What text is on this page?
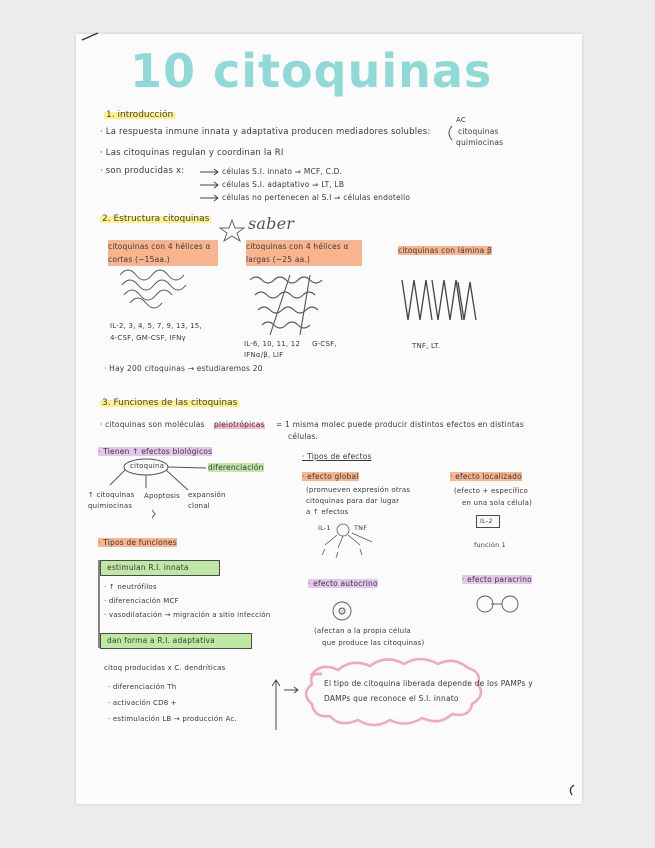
10 citoquinas
1. introducción
· La respuesta inmune innata y adaptativa producen mediadores solubles:
AC
citoquinas
quimiocinas
· Las citoquinas regulan y coordinan la RI
· son producidas x:	células S.I. innato ⇒ MCF, C.D.
células S.I. adaptativo ⇒ LT, LB
células no pertenecen al S.I ⇒ células endotelio
2. Estructura citoquinas saber
citoquinas con 4 hélices α cortas (~15aa.)
citoquinas con 4 hélices α largas (~25 aa.)
citoquinas con lámina β
IL-2, 3, 4, 5, 7, 9, 13, 15,
4-CSF, GM-CSF, IFNγ
IL-6, 10, 11, 12
IFNα/β, LIF
G-CSF,	TNF, LT.
· Hay 200 citoquinas → estudiaremos 20
3. Funciones de las citoquinas
· citoquinas son moléculas pleiotrópicas = 1 misma molec puede producir distintos efectos en distintas
células.
· Tienen ↑ efectos biológicos
citoquina	diferenciación
↑ citoquinas quimiocinas
Apoptosis expansión clonal
· Tipos de funciones
estimulan R.I. innata
· ↑ neutrófilos
· diferenciación MCF
· vasodilatación → migración a sitio infección
dan forma a R.I. adaptativa
citoq producidas x C. dendríticas
· diferenciación Th
· activación CD8 +
· estimulación LB → producción Ac.
El tipo de citoquina liberada depende de los PAMPs y DAMPs que reconoce el S.I. innato
· Tipos de efectos
· efecto global
(promueven expresión otras
citoquinas para dar lugar
a ↑ efectos
IL-1	TNF
· efecto localizado
(efecto + específico
en una sola célula)
IL-2
función 1
· efecto autocrino
(afectan a la propia célula
que produce las citoquinas)
· efecto paracrino
